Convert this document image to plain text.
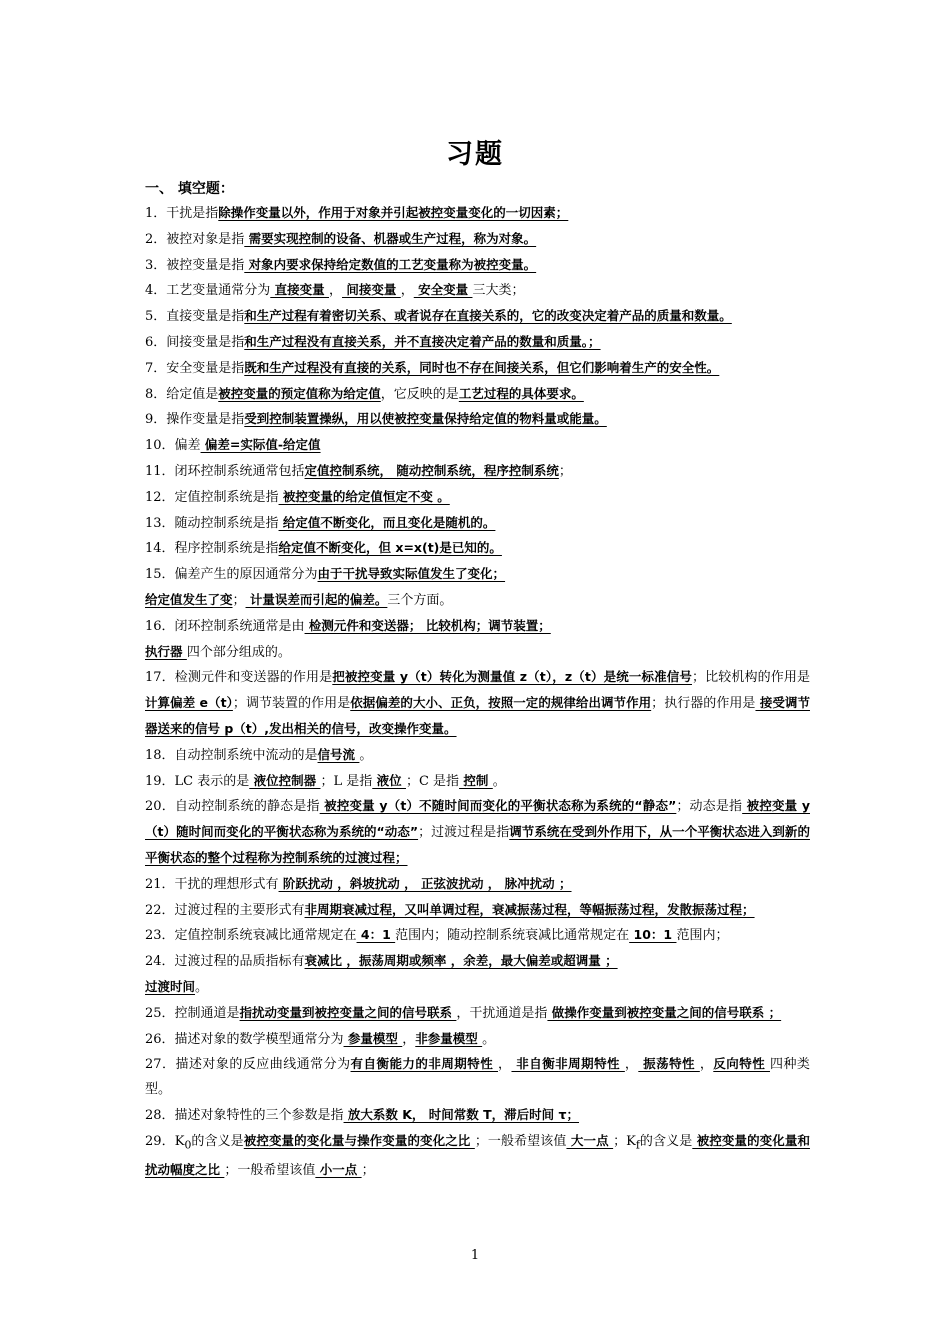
习题
一、 填空题：

1．干扰是指除操作变量以外，作用于对象并引起被控变量变化的一切因素；

2．被控对象是指 需要实现控制的设备、机器或生产过程，称为对象。

3．被控变量是指 对象内要求保持给定数值的工艺变量称为被控变量。

4．工艺变量通常分为 直接变量 ， 间接变量 ， 安全变量 三大类；

5．直接变量是指和生产过程有着密切关系、或者说存在直接关系的，它的改变决定着产品的质量和数量。

6．间接变量是指和生产过程没有直接关系，并不直接决定着产品的数量和质量。；

7．安全变量是指既和生产过程没有直接的关系，同时也不存在间接关系，但它们影响着生产的安全性。

8．给定值是被控变量的预定值称为给定值，它反映的是工艺过程的具体要求。

9．操作变量是指受到控制装置操纵，用以使被控变量保持给定值的物料量或能量。

10．偏差 偏差=实际值-给定值

11．闭环控制系统通常包括定值控制系统， 随动控制系统，程序控制系统；

12．定值控制系统是指 被控变量的给定值恒定不变 。

13．随动控制系统是指 给定值不断变化，而且变化是随机的。

14．程序控制系统是指给定值不断变化，但 x=x(t)是已知的。

15．偏差产生的原因通常分为由于干扰导致实际值发生了变化；
给定值发生了变； 计量误差而引起的偏差。三个方面。

16．闭环控制系统通常是由 检测元件和变送器； 比较机构；调节装置；
执行器 四个部分组成的。

17．检测元件和变送器的作用是把被控变量 y（t）转化为测量值 z（t），z（t）是统一标准信号；比较机构的作用是 计算偏差 e（t）；调节装置的作用是依据偏差的大小、正负，按照一定的规律给出调节作用；执行器的作用是 接受调节器送来的信号 p（t）,发出相关的信号，改变操作变量。

18．自动控制系统中流动的是信号流 。

19．LC 表示的是 液位控制器 ；L 是指 液位 ；C 是指 控制 。

20．自动控制系统的静态是指 被控变量 y（t）不随时间而变化的平衡状态称为系统的“静态”；动态是指 被控变量 y（t）随时间而变化的平衡状态称为系统的“动态”；过渡过程是指调节系统在受到外作用下，从一个平衡状态进入到新的平衡状态的整个过程称为控制系统的过渡过程；

21．干扰的理想形式有 阶跃扰动 ，斜坡扰动 ， 正弦波扰动 ， 脉冲扰动 ；

22．过渡过程的主要形式有非周期衰减过程，又叫单调过程，衰减振荡过程，等幅振荡过程，发散振荡过程；

23．定值控制系统衰减比通常规定在 4：1 范围内；随动控制系统衰减比通常规定在 10：1 范围内；

24．过渡过程的品质指标有衰减比 ，振荡周期或频率 ，余差，最大偏差或超调量 ；
过渡时间。

25．控制通道是指扰动变量到被控变量之间的信号联系 ，干扰通道是指 做操作变量到被控变量之间的信号联系 ；

26．描述对象的数学模型通常分为 参量模型 ，非参量模型 。

27．描述对象的反应曲线通常分为有自衡能力的非周期特性 ， 非自衡非周期特性 ， 振荡特性 ，反向特性 四种类型。

28．描述对象特性的三个参数是指 放大系数 K， 时间常数 T，滞后时间 τ；

29．$K_0$的含义是被控变量的变化量与操作变量的变化之比 ；一般希望该值 大一点 ；$K_f$的含义是 被控变量的变化量和扰动幅度之比 ；一般希望该值 小一点 ；

1
